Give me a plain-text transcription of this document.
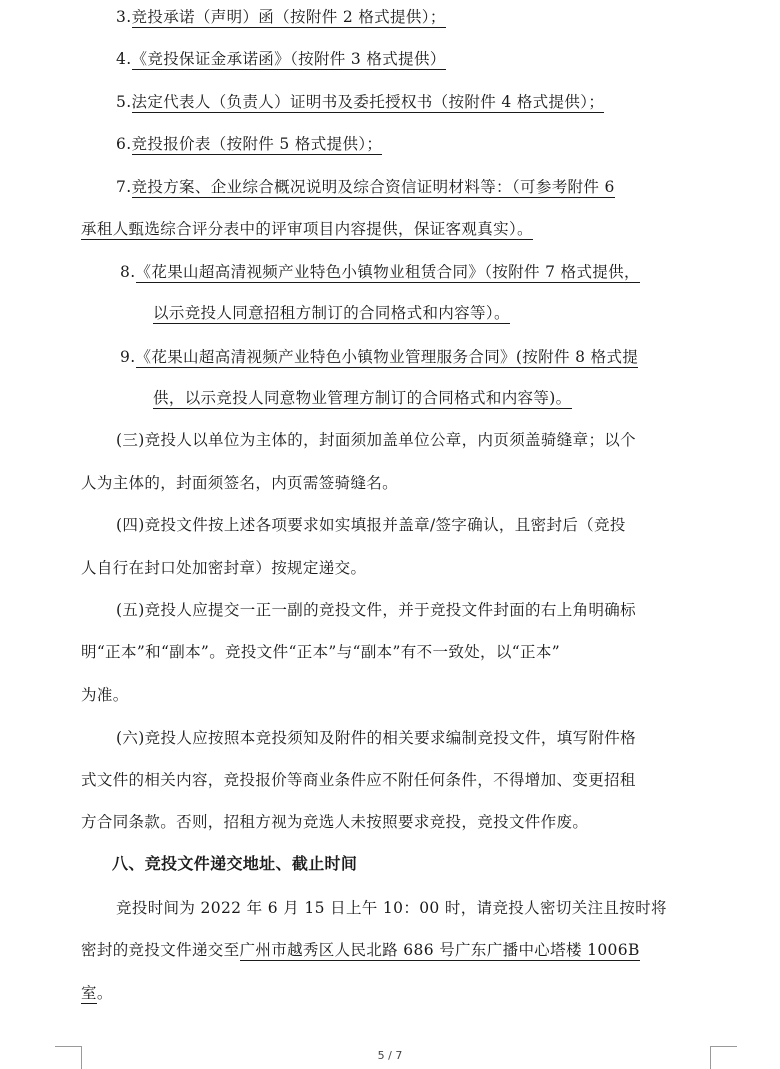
3.竞投承诺（声明）函（按附件 2 格式提供）；
4.《竞投保证金承诺函》（按附件 3 格式提供）
5.法定代表人（负责人）证明书及委托授权书（按附件 4 格式提供）；
6.竞投报价表（按附件 5 格式提供）；
7.竞投方案、企业综合概况说明及综合资信证明材料等：（可参考附件 6
承租人甄选综合评分表中的评审项目内容提供，保证客观真实）。
8.《花果山超高清视频产业特色小镇物业租赁合同》（按附件 7 格式提供，
以示竞投人同意招租方制订的合同格式和内容等）。
9.《花果山超高清视频产业特色小镇物业管理服务合同》(按附件 8 格式提
供，以示竞投人同意物业管理方制订的合同格式和内容等)。
(三)竞投人以单位为主体的，封面须加盖单位公章，内页须盖骑缝章；以个
人为主体的，封面须签名，内页需签骑缝名。
(四)竞投文件按上述各项要求如实填报并盖章/签字确认，且密封后（竞投
人自行在封口处加密封章）按规定递交。
(五)竞投人应提交一正一副的竞投文件，并于竞投文件封面的右上角明确标
明“正本”和“副本”。竞投文件“正本”与“副本”有不一致处，以“正本”
为准。
(六)竞投人应按照本竞投须知及附件的相关要求编制竞投文件，填写附件格
式文件的相关内容，竞投报价等商业条件应不附任何条件，不得增加、变更招租
方合同条款。否则，招租方视为竞选人未按照要求竞投，竞投文件作废。
八、竞投文件递交地址、截止时间
竞投时间为 2022 年 6 月 15 日上午 10：00 时，请竞投人密切关注且按时将
密封的竞投文件递交至广州市越秀区人民北路 686 号广东广播中心塔楼 1006B
室。
5 / 7
